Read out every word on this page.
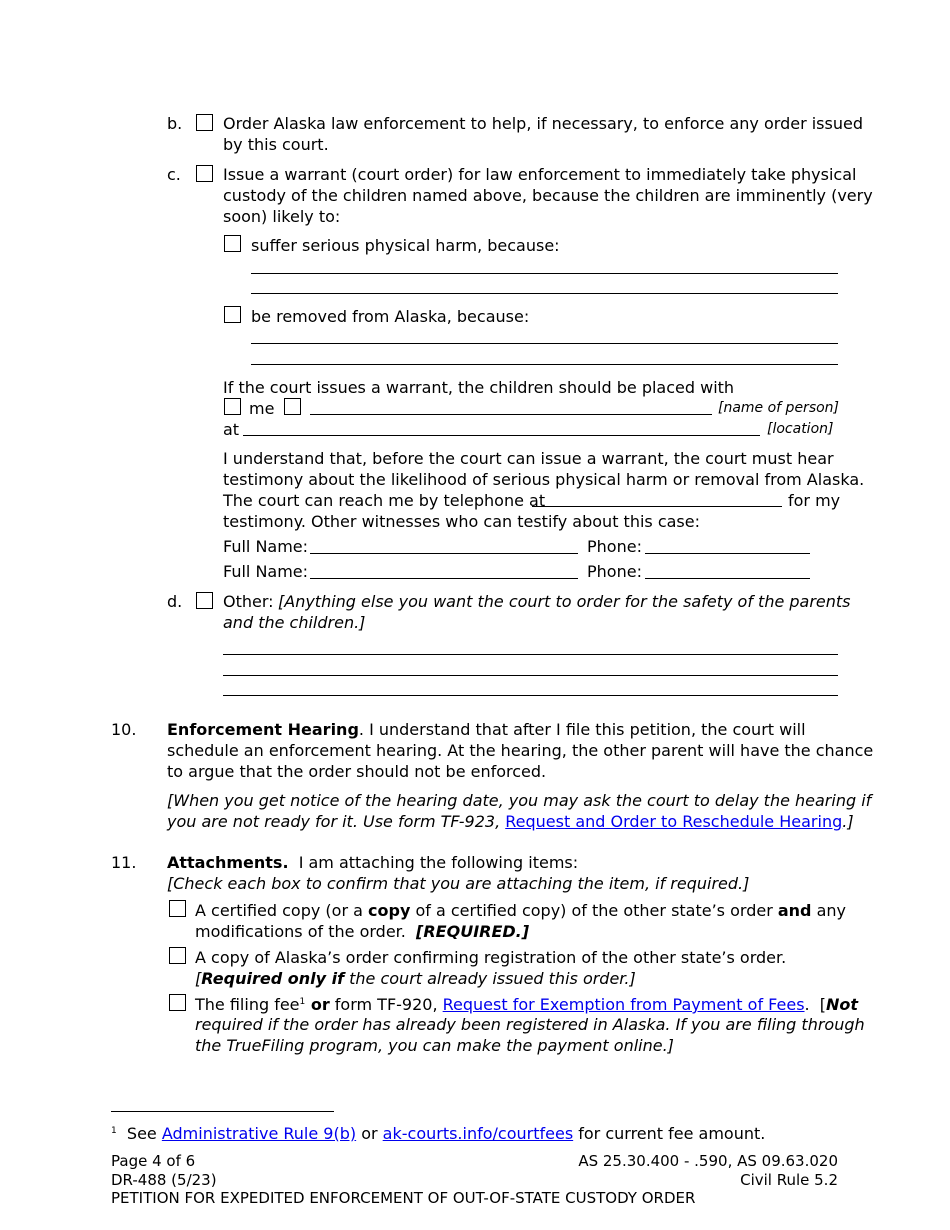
b.	Order Alaska law enforcement to help, if necessary, to enforce any order issued
by this court.
c.	Issue a warrant (court order) for law enforcement to immediately take physical
custody of the children named above, because the children are imminently (very
soon) likely to:
suffer serious physical harm, because:
be removed from Alaska, because:
If the court issues a warrant, the children should be placed with
me	[name of person]
at	[location]
I understand that, before the court can issue a warrant, the court must hear
testimony about the likelihood of serious physical harm or removal from Alaska.
The court can reach me by telephone at	for my
testimony. Other witnesses who can testify about this case:
Full Name:	Phone:
Full Name:	Phone:
d.	Other: [Anything else you want the court to order for the safety of the parents
and the children.]
10. Enforcement Hearing. I understand that after I file this petition, the court will
schedule an enforcement hearing. At the hearing, the other parent will have the chance
to argue that the order should not be enforced.
[When you get notice of the hearing date, you may ask the court to delay the hearing if
you are not ready for it. Use form TF-923, Request and Order to Reschedule Hearing.]
11. Attachments.  I am attaching the following items:
[Check each box to confirm that you are attaching the item, if required.]
A certified copy (or a copy of a certified copy) of the other state’s order and any
modifications of the order.  [REQUIRED.]
A copy of Alaska’s order confirming registration of the other state’s order.
[Required only if the court already issued this order.]
The filing fee$^1$ or form TF-920, Request for Exemption from Payment of Fees.  [Not
required if the order has already been registered in Alaska. If you are filing through
the TrueFiling program, you can make the payment online.]
$^1$ See Administrative Rule 9(b) or ak-courts.info/courtfees for current fee amount.
Page 4 of 6
DR-488 (5/23)
PETITION FOR EXPEDITED ENFORCEMENT OF OUT-OF-STATE CUSTODY ORDER
AS 25.30.400 - .590, AS 09.63.020
Civil Rule 5.2
